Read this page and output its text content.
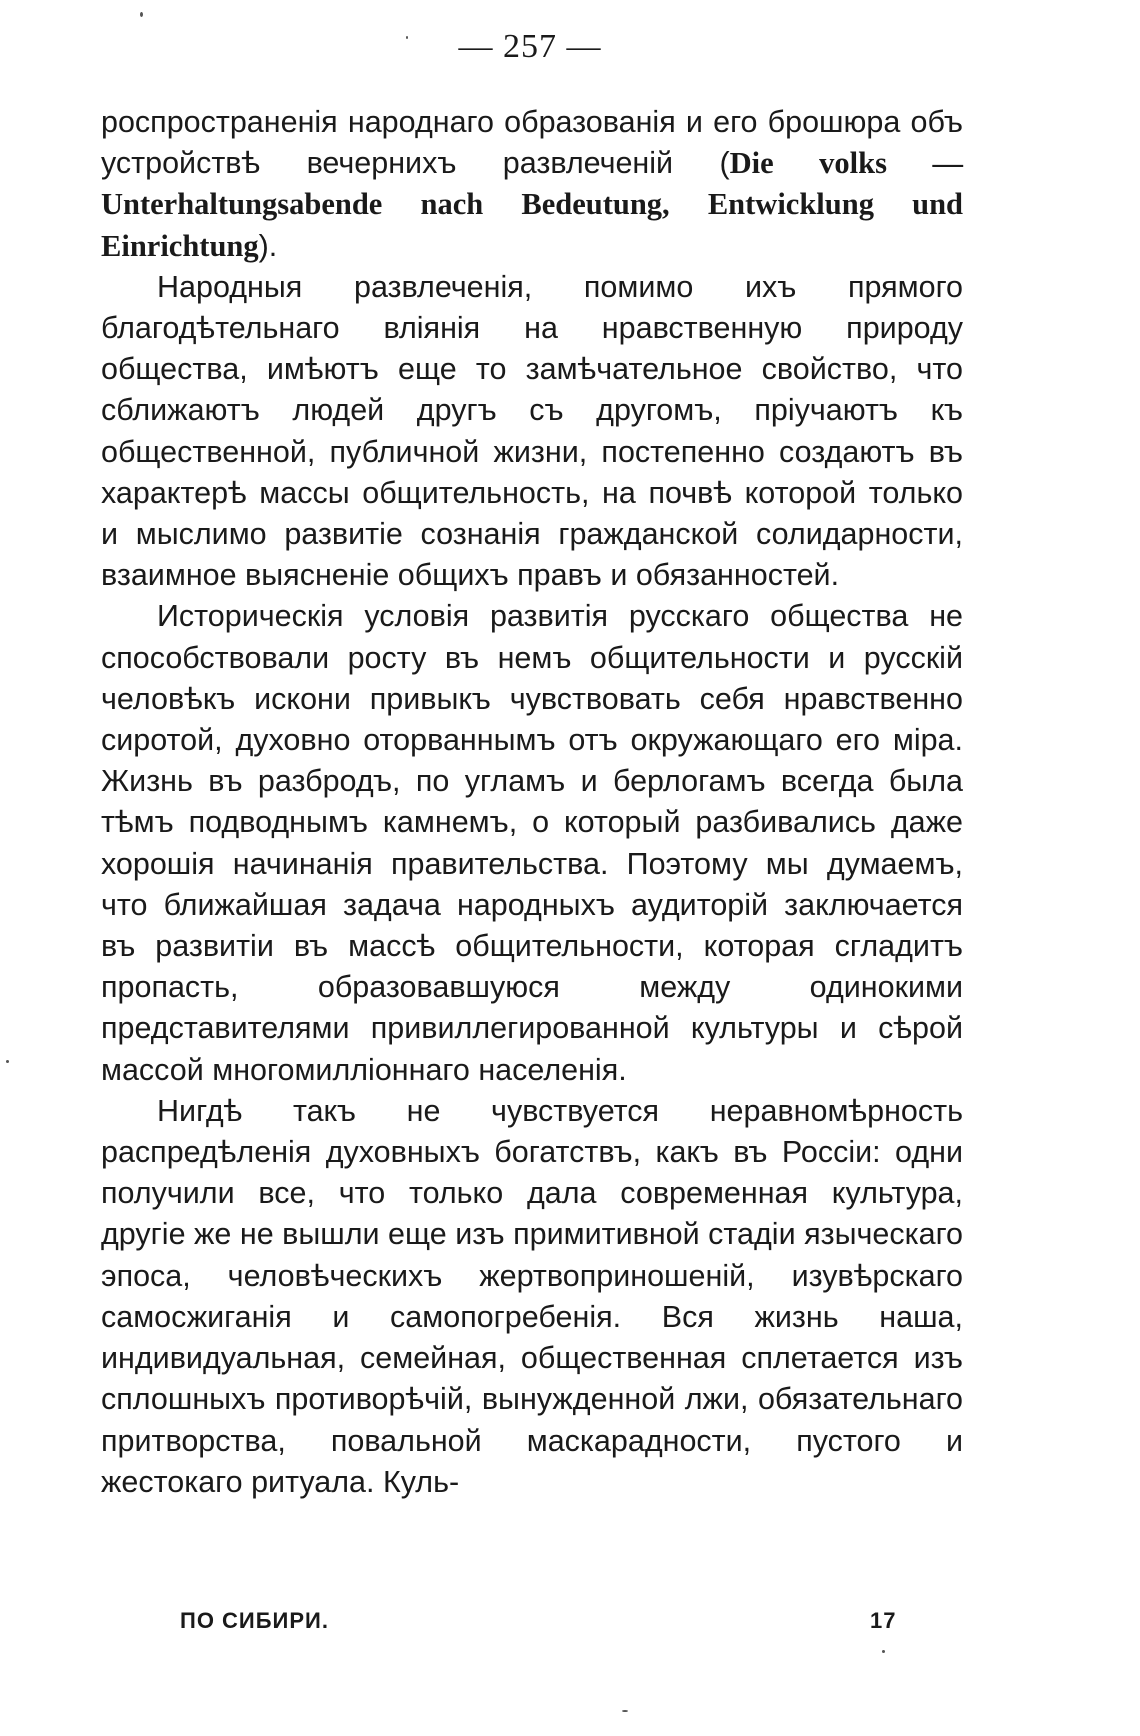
— 257 —

роспространенія народнаго образованія и его брошюра объ устройствѣ вечернихъ развлеченій (Die volks — Unterhaltungsabende nach Bedeutung, Entwicklung und Einrichtung).

Народныя развлеченія, помимо ихъ прямого благодѣтельнаго вліянія на нравственную природу общества, имѣютъ еще то замѣчательное свойство, что сближаютъ людей другъ съ другомъ, пріучаютъ къ общественной, публичной жизни, постепенно создаютъ въ характерѣ массы общительность, на почвѣ которой только и мыслимо развитіе сознанія гражданской солидарности, взаимное выясненіе общихъ правъ и обязанностей.

Историческія условія развитія русскаго общества не способствовали росту въ немъ общительности и русскій человѣкъ искони привыкъ чувствовать себя нравственно сиротой, духовно оторваннымъ отъ окружающаго его міра. Жизнь въ разбродъ, по угламъ и берлогамъ всегда была тѣмъ подводнымъ камнемъ, о который разбивались даже хорошія начинанія правительства. Поэтому мы думаемъ, что ближайшая задача народныхъ аудиторій заключается въ развитіи въ массѣ общительности, которая сгладитъ пропасть, образовавшуюся между одинокими представителями привиллегированной культуры и сѣрой массой многомилліоннаго населенія.

Нигдѣ такъ не чувствуется неравномѣрность распредѣленія духовныхъ богатствъ, какъ въ Россіи: одни получили все, что только дала современная культура, другіе же не вышли еще изъ примитивной стадіи языческаго эпоса, человѣческихъ жертвоприношеній, изувѣрскаго самосжиганія и самопогребенія. Вся жизнь наша, индивидуальная, семейная, общественная сплетается изъ сплошныхъ противорѣчій, вынужденной лжи, обязательнаго притворства, повальной маскарадности, пустого и жестокаго ритуала. Куль-

ПО СИБИРИ.	17
